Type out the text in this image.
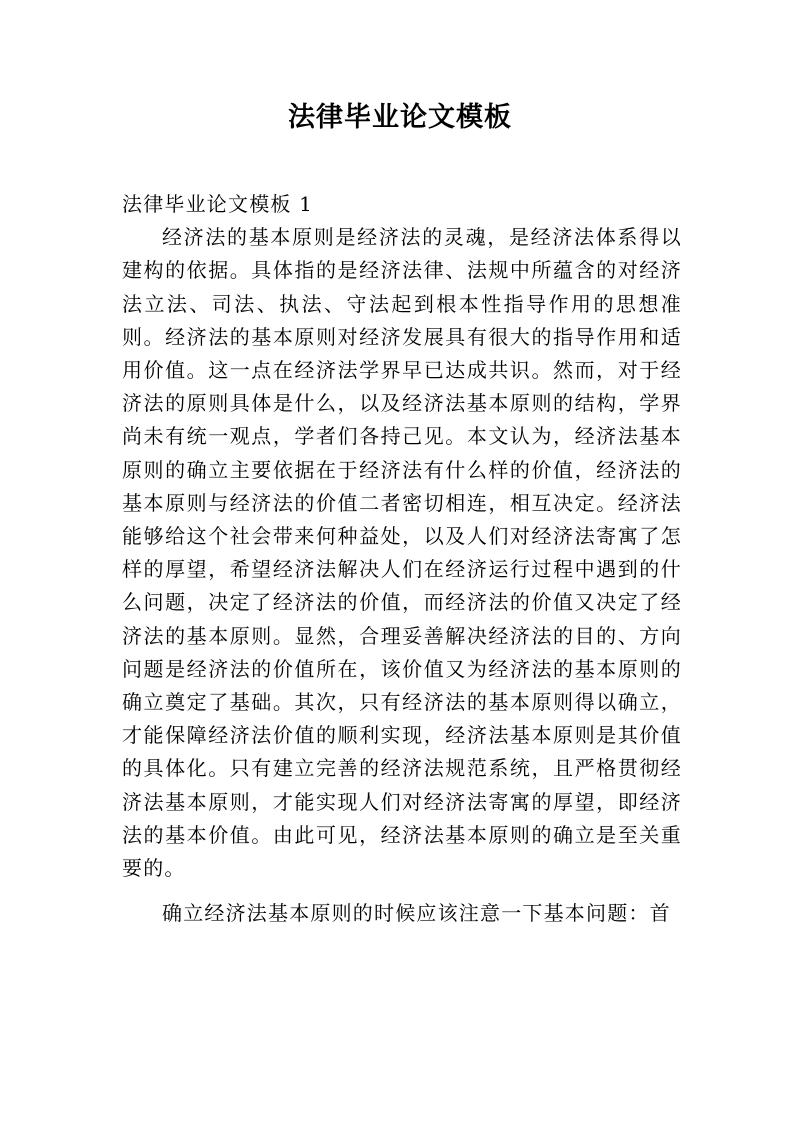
法律毕业论文模板

法律毕业论文模板 1

经济法的基本原则是经济法的灵魂，是经济法体系得以建构的依据。具体指的是经济法律、法规中所蕴含的对经济法立法、司法、执法、守法起到根本性指导作用的思想准则。经济法的基本原则对经济发展具有很大的指导作用和适用价值。这一点在经济法学界早已达成共识。然而，对于经济法的原则具体是什么，以及经济法基本原则的结构，学界尚未有统一观点，学者们各持己见。本文认为，经济法基本原则的确立主要依据在于经济法有什么样的价值，经济法的基本原则与经济法的价值二者密切相连，相互决定。经济法能够给这个社会带来何种益处，以及人们对经济法寄寓了怎样的厚望，希望经济法解决人们在经济运行过程中遇到的什么问题，决定了经济法的价值，而经济法的价值又决定了经济法的基本原则。显然，合理妥善解决经济法的目的、方向问题是经济法的价值所在，该价值又为经济法的基本原则的确立奠定了基础。其次，只有经济法的基本原则得以确立，才能保障经济法价值的顺利实现，经济法基本原则是其价值的具体化。只有建立完善的经济法规范系统，且严格贯彻经济法基本原则，才能实现人们对经济法寄寓的厚望，即经济法的基本价值。由此可见，经济法基本原则的确立是至关重要的。

确立经济法基本原则的时候应该注意一下基本问题：首
